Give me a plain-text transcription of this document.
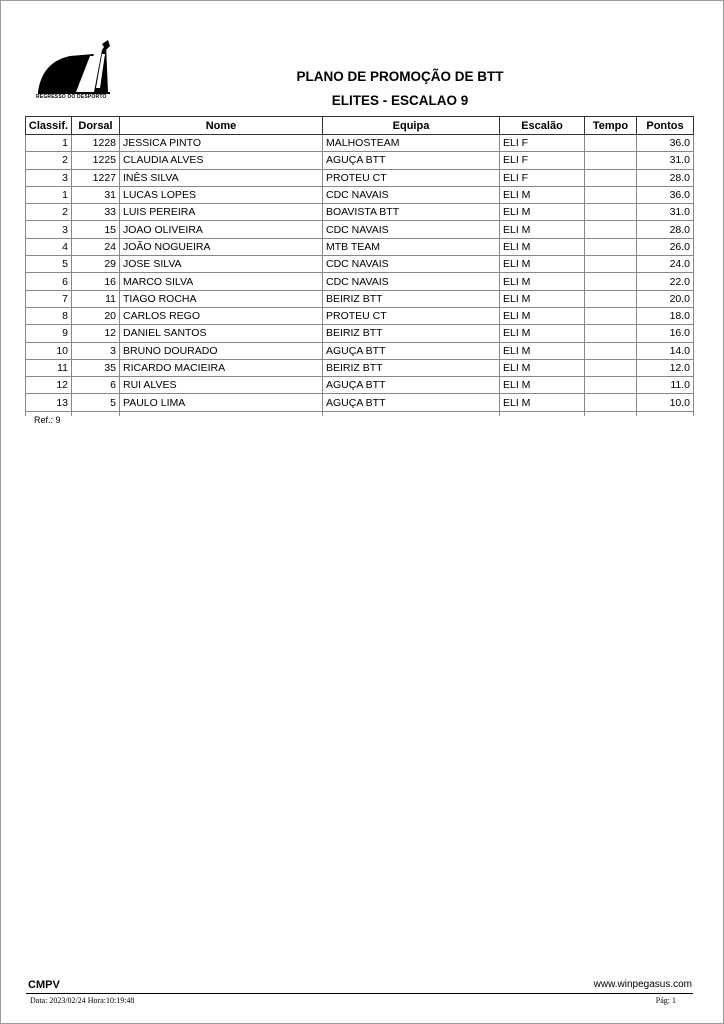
REGRESSO DO DESPORTO
PLANO DE PROMOÇÃO DE BTT
ELITES - ESCALAO 9
Classif.	Dorsal	Nome	Equipa	Escalão	Tempo	Pontos
1	1228	JESSICA PINTO	MALHOSTEAM	ELI F		36.0
2	1225	CLAUDIA ALVES	AGUÇA BTT	ELI F		31.0
3	1227	INÊS SILVA	PROTEU CT	ELI F		28.0
1	31	LUCAS LOPES	CDC NAVAIS	ELI M		36.0
2	33	LUIS PEREIRA	BOAVISTA BTT	ELI M		31.0
3	15	JOAO OLIVEIRA	CDC NAVAIS	ELI M		28.0
4	24	JOÃO NOGUEIRA	MTB TEAM	ELI M		26.0
5	29	JOSE SILVA	CDC NAVAIS	ELI M		24.0
6	16	MARCO SILVA	CDC NAVAIS	ELI M		22.0
7	11	TIAGO ROCHA	BEIRIZ BTT	ELI M		20.0
8	20	CARLOS REGO	PROTEU CT	ELI M		18.0
9	12	DANIEL SANTOS	BEIRIZ BTT	ELI M		16.0
10	3	BRUNO DOURADO	AGUÇA BTT	ELI M		14.0
11	35	RICARDO MACIEIRA	BEIRIZ BTT	ELI M		12.0
12	6	RUI ALVES	AGUÇA BTT	ELI M		11.0
13	5	PAULO LIMA	AGUÇA BTT	ELI M		10.0

Ref.: 9
CMPV	www.winpegasus.com
Data: 2023/02/24 Hora:10:19:48	Pág: 1
